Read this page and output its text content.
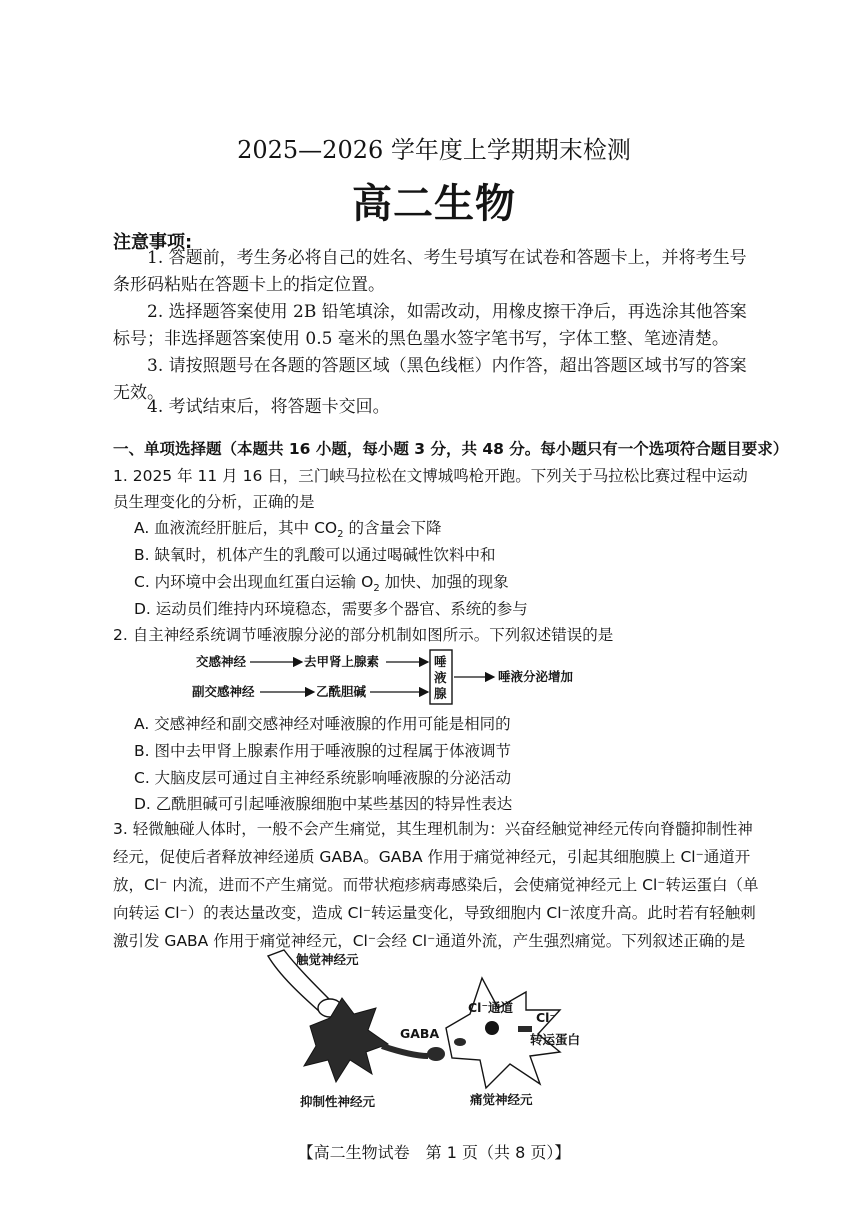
2025—2026 学年度上学期期末检测
高二生物
注意事项:
1. 答题前，考生务必将自己的姓名、考生号填写在试卷和答题卡上，并将考生号条形码粘贴在答题卡上的指定位置。
2. 选择题答案使用 2B 铅笔填涂，如需改动，用橡皮擦干净后，再选涂其他答案标号；非选择题答案使用 0.5 毫米的黑色墨水签字笔书写，字体工整、笔迹清楚。
3. 请按照题号在各题的答题区域（黑色线框）内作答，超出答题区域书写的答案无效。
4. 考试结束后，将答题卡交回。
一、单项选择题（本题共 16 小题，每小题 3 分，共 48 分。每小题只有一个选项符合题目要求）
1. 2025 年 11 月 16 日，三门峡马拉松在文博城鸣枪开跑。下列关于马拉松比赛过程中运动员生理变化的分析，正确的是
A. 血液流经肝脏后，其中 $CO_2$ 的含量会下降
B. 缺氧时，机体产生的乳酸可以通过喝碱性饮料中和
C. 内环境中会出现血红蛋白运输 $O_2$ 加快、加强的现象
D. 运动员们维持内环境稳态，需要多个器官、系统的参与
2. 自主神经系统调节唾液腺分泌的部分机制如图所示。下列叙述错误的是
交感神经	去甲肾上腺素
副交感神经	乙酰胆碱
唾
液
腺
唾液分泌增加
A. 交感神经和副交感神经对唾液腺的作用可能是相同的
B. 图中去甲肾上腺素作用于唾液腺的过程属于体液调节
C. 大脑皮层可通过自主神经系统影响唾液腺的分泌活动
D. 乙酰胆碱可引起唾液腺细胞中某些基因的特异性表达
3. 轻微触碰人体时，一般不会产生痛觉，其生理机制为：兴奋经触觉神经元传向脊髓抑制性神经元，促使后者释放神经递质 GABA。GABA 作用于痛觉神经元，引起其细胞膜上 Cl⁻通道开放，Cl⁻ 内流，进而不产生痛觉。而带状疱疹病毒感染后，会使痛觉神经元上 Cl⁻转运蛋白（单向转运 Cl⁻）的表达量改变，造成 Cl⁻转运量变化，导致细胞内 Cl⁻浓度升高。此时若有轻触刺激引发 GABA 作用于痛觉神经元，Cl⁻会经 Cl⁻通道外流，产生强烈痛觉。下列叙述正确的是
触觉神经元
抑制性神经元
GABA
Cl⁻通道
Cl⁻
转运蛋白
痛觉神经元
【高二生物试卷　第 1 页（共 8 页）】
